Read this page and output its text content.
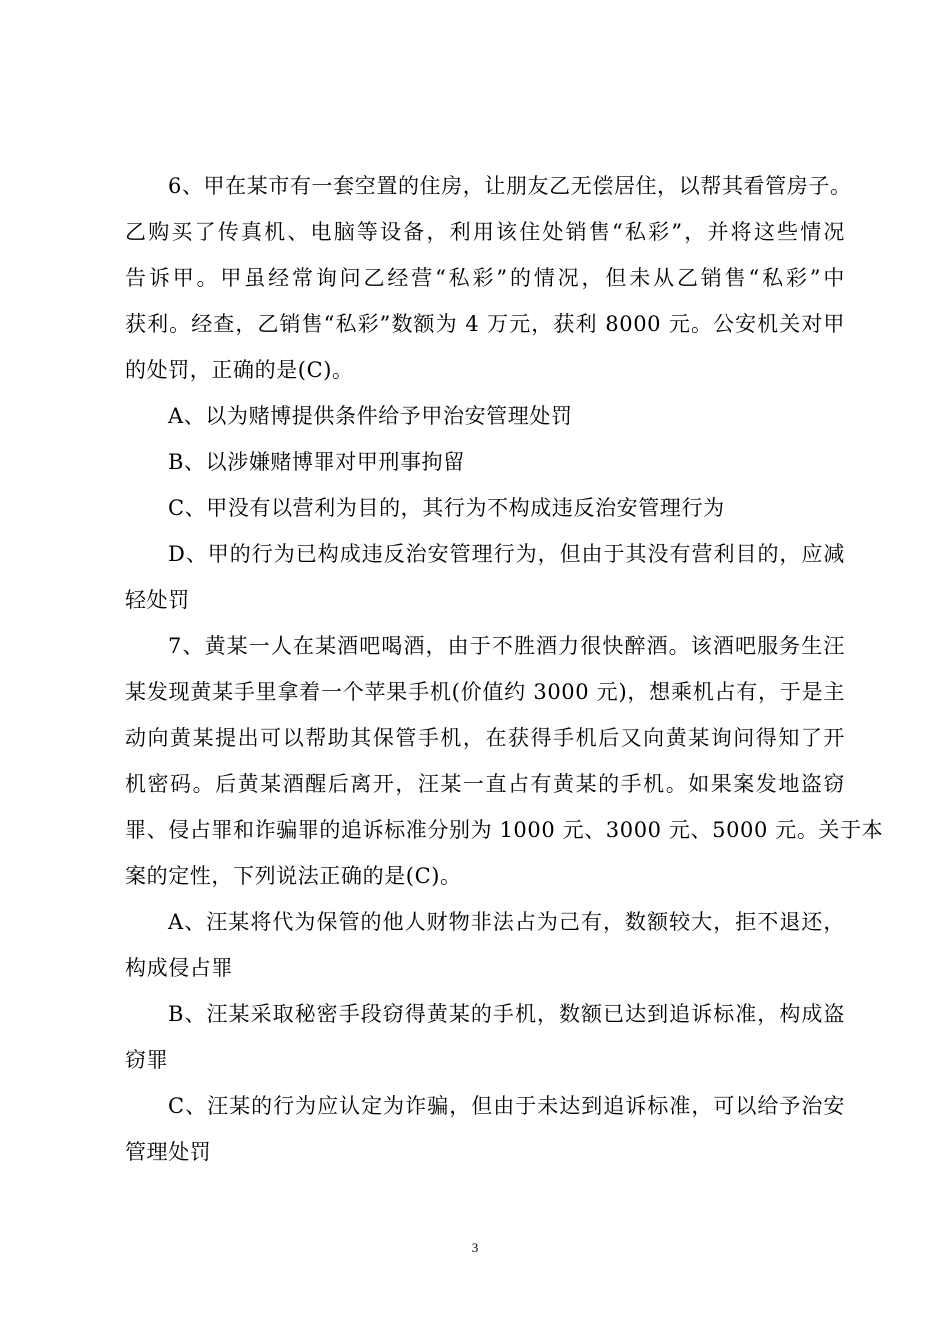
6、甲在某市有一套空置的住房，让朋友乙无偿居住，以帮其看管房子。
乙购买了传真机、电脑等设备，利用该住处销售“私彩”，并将这些情况
告诉甲。甲虽经常询问乙经营“私彩”的情况，但未从乙销售“私彩”中
获利。经查，乙销售“私彩”数额为 4 万元，获利 8000 元。公安机关对甲
的处罚，正确的是(C)。
A、以为赌博提供条件给予甲治安管理处罚
B、以涉嫌赌博罪对甲刑事拘留
C、甲没有以营利为目的，其行为不构成违反治安管理行为
D、甲的行为已构成违反治安管理行为，但由于其没有营利目的，应减
轻处罚
7、黄某一人在某酒吧喝酒，由于不胜酒力很快醉酒。该酒吧服务生汪
某发现黄某手里拿着一个苹果手机(价值约 3000 元)，想乘机占有，于是主
动向黄某提出可以帮助其保管手机，在获得手机后又向黄某询问得知了开
机密码。后黄某酒醒后离开，汪某一直占有黄某的手机。如果案发地盗窃
罪、侵占罪和诈骗罪的追诉标准分别为 1000 元、3000 元、5000 元。关于本
案的定性，下列说法正确的是(C)。
A、汪某将代为保管的他人财物非法占为己有，数额较大，拒不退还，
构成侵占罪
B、汪某采取秘密手段窃得黄某的手机，数额已达到追诉标准，构成盗
窃罪
C、汪某的行为应认定为诈骗，但由于未达到追诉标准，可以给予治安
管理处罚
3
